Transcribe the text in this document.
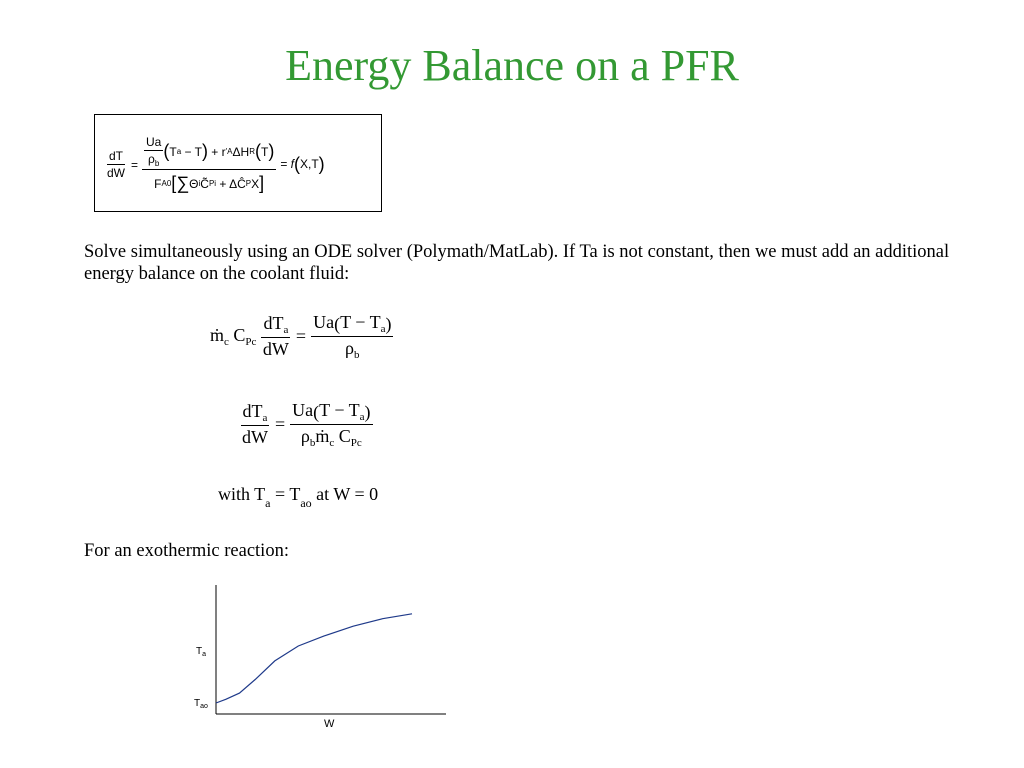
Energy Balance on a PFR
$\frac{dT}{dW} = \frac{\frac{Ua}{\rho_b} ( T a - T ) + r ' A \Delta H R ( T )}{\text{F A0 [ ∑ Θ i C̃ Pi + ΔĈ P X ]}} = f(X,T)$
Solve simultaneously using an ODE solver (Polymath/MatLab). If Ta is not constant, then we must add an additional energy balance on the coolant fluid:
ṁ$_c$ $C_{Pc} \frac{dT_a}{dW} = \frac{Ua(T - T_a)}{\rho_b}$
$\frac{dT_a}{dW} = \frac{Ua(T - T_a)}{\rho_bṁ_c C_{Pc}}$
with $T_a = T_{ao}$ at W = 0
For an exothermic reaction:
$T_a$
$T_{ao}$
W
